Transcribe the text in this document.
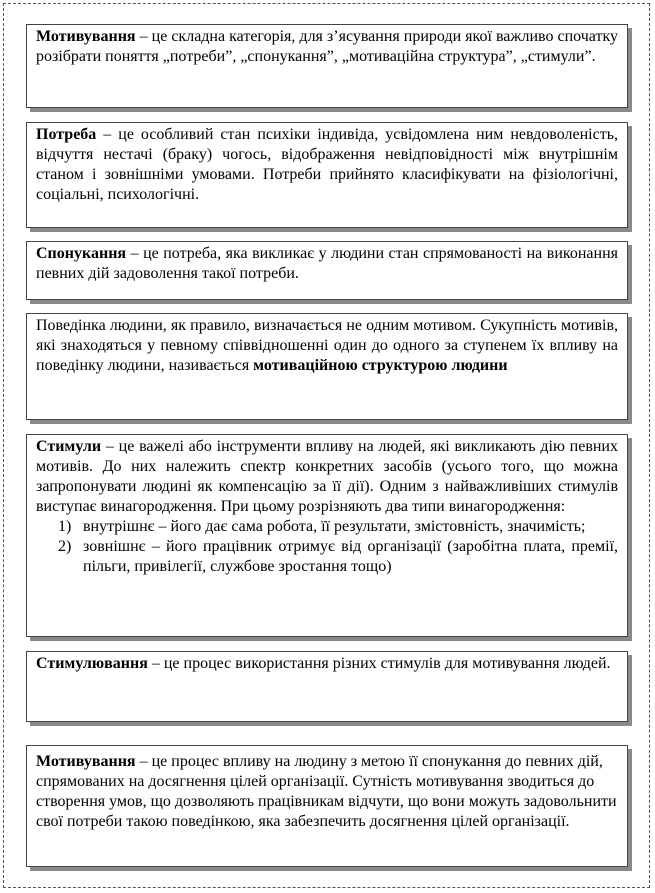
Мотивування – це складна категорія, для з’ясування природи якої важливо спочатку розібрати поняття „потреби”, „спонукання”, „мотиваційна структура”, „стимули”.
Потреба – це особливий стан психіки індивіда, усвідомлена ним невдоволеність, відчуття нестачі (браку) чогось, відображення невідповідності між внутрішнім станом і зовнішніми умовами. Потреби прийнято класифікувати на фізіологічні, соціальні, психологічні.
Спонукання – це потреба, яка викликає у людини стан спрямованості на виконання певних дій задоволення такої потреби.
Поведінка людини, як правило, визначається не одним мотивом. Сукупність мотивів, які знаходяться у певному співвідношенні один до одного за ступенем їх впливу на поведінку людини, називається мотиваційною структурою людини
Стимули – це важелі або інструменти впливу на людей, які викликають дію певних мотивів. До них належить спектр конкретних засобів (усього того, що можна запропонувати людині як компенсацію за її дії). Одним з найважливіших стимулів виступає винагородження. При цьому розрізняють два типи винагородження:
1) внутрішнє – його дає сама робота, її результати, змістовність, значимість;
2) зовнішнє – його працівник отримує від організації (заробітна плата, премії, пільги, привілегії, службове зростання тощо)
Стимулювання – це процес використання різних стимулів для мотивування людей.
Мотивування – це процес впливу на людину з метою її спонукання до певних дій, спрямованих на досягнення цілей організації. Сутність мотивування зводиться до створення умов, що дозволяють працівникам відчути, що вони можуть задовольнити свої потреби такою поведінкою, яка забезпечить досягнення цілей організації.
